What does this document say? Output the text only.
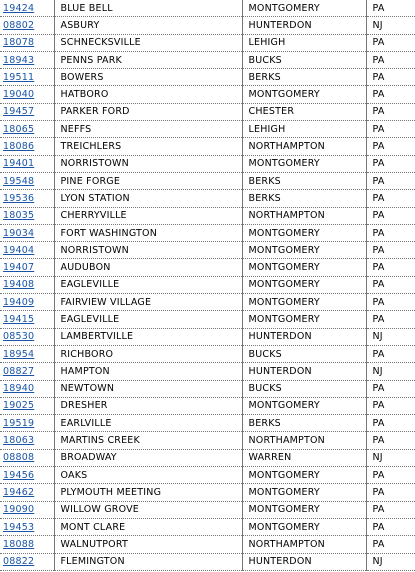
19424	BLUE BELL	MONTGOMERY	PA
08802	ASBURY	HUNTERDON	NJ
18078	SCHNECKSVILLE	LEHIGH	PA
18943	PENNS PARK	BUCKS	PA
19511	BOWERS	BERKS	PA
19040	HATBORO	MONTGOMERY	PA
19457	PARKER FORD	CHESTER	PA
18065	NEFFS	LEHIGH	PA
18086	TREICHLERS	NORTHAMPTON	PA
19401	NORRISTOWN	MONTGOMERY	PA
19548	PINE FORGE	BERKS	PA
19536	LYON STATION	BERKS	PA
18035	CHERRYVILLE	NORTHAMPTON	PA
19034	FORT WASHINGTON	MONTGOMERY	PA
19404	NORRISTOWN	MONTGOMERY	PA
19407	AUDUBON	MONTGOMERY	PA
19408	EAGLEVILLE	MONTGOMERY	PA
19409	FAIRVIEW VILLAGE	MONTGOMERY	PA
19415	EAGLEVILLE	MONTGOMERY	PA
08530	LAMBERTVILLE	HUNTERDON	NJ
18954	RICHBORO	BUCKS	PA
08827	HAMPTON	HUNTERDON	NJ
18940	NEWTOWN	BUCKS	PA
19025	DRESHER	MONTGOMERY	PA
19519	EARLVILLE	BERKS	PA
18063	MARTINS CREEK	NORTHAMPTON	PA
08808	BROADWAY	WARREN	NJ
19456	OAKS	MONTGOMERY	PA
19462	PLYMOUTH MEETING	MONTGOMERY	PA
19090	WILLOW GROVE	MONTGOMERY	PA
19453	MONT CLARE	MONTGOMERY	PA
18088	WALNUTPORT	NORTHAMPTON	PA
08822	FLEMINGTON	HUNTERDON	NJ
